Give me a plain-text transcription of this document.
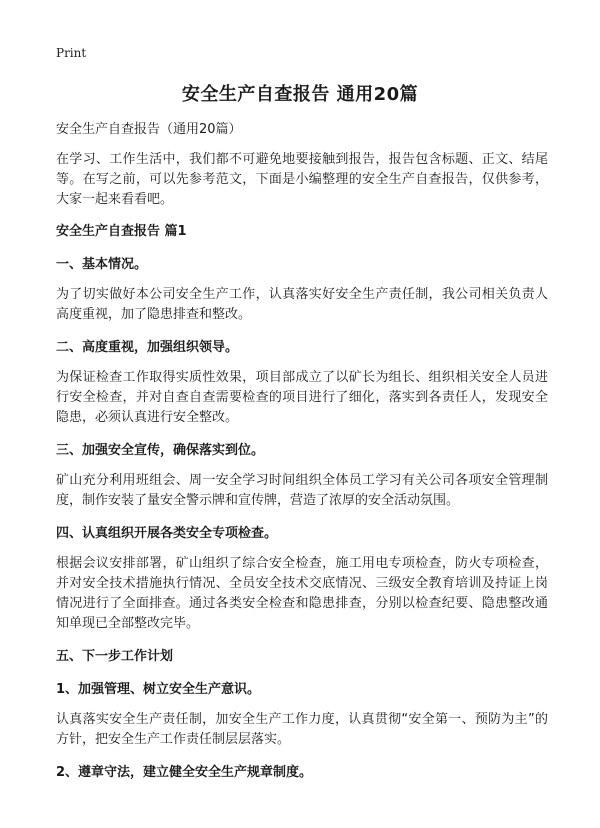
Print
安全生产自查报告 通用20篇

安全生产自查报告（通用20篇）

在学习、工作生活中，我们都不可避免地要接触到报告，报告包含标题、正文、结尾等。在写之前，可以先参考范文，下面是小编整理的安全生产自查报告，仅供参考，大家一起来看看吧。

安全生产自查报告 篇1
一、基本情况。

为了切实做好本公司安全生产工作，认真落实好安全生产责任制，我公司相关负责人高度重视，加了隐患排查和整改。

二、高度重视，加强组织领导。

为保证检查工作取得实质性效果，项目部成立了以矿长为组长、组织相关安全人员进行安全检查，并对自查自查需要检查的项目进行了细化，落实到各责任人，发现安全隐患，必须认真进行安全整改。

三、加强安全宣传，确保落实到位。

矿山充分利用班组会、周一安全学习时间组织全体员工学习有关公司各项安全管理制度，制作安装了量安全警示牌和宣传牌，营造了浓厚的安全活动氛围。

四、认真组织开展各类安全专项检查。

根据会议安排部署，矿山组织了综合安全检查，施工用电专项检查，防火专项检查，并对安全技术措施执行情况、全员安全技术交底情况、三级安全教育培训及持证上岗情况进行了全面排查。通过各类安全检查和隐患排查，分别以检查纪要、隐患整改通知单现已全部整改完毕。

五、下一步工作计划
1、加强管理、树立安全生产意识。

认真落实安全生产责任制，加安全生产工作力度，认真贯彻“安全第一、预防为主”的方针，把安全生产工作责任制层层落实。

2、遵章守法，建立健全安全生产规章制度。
